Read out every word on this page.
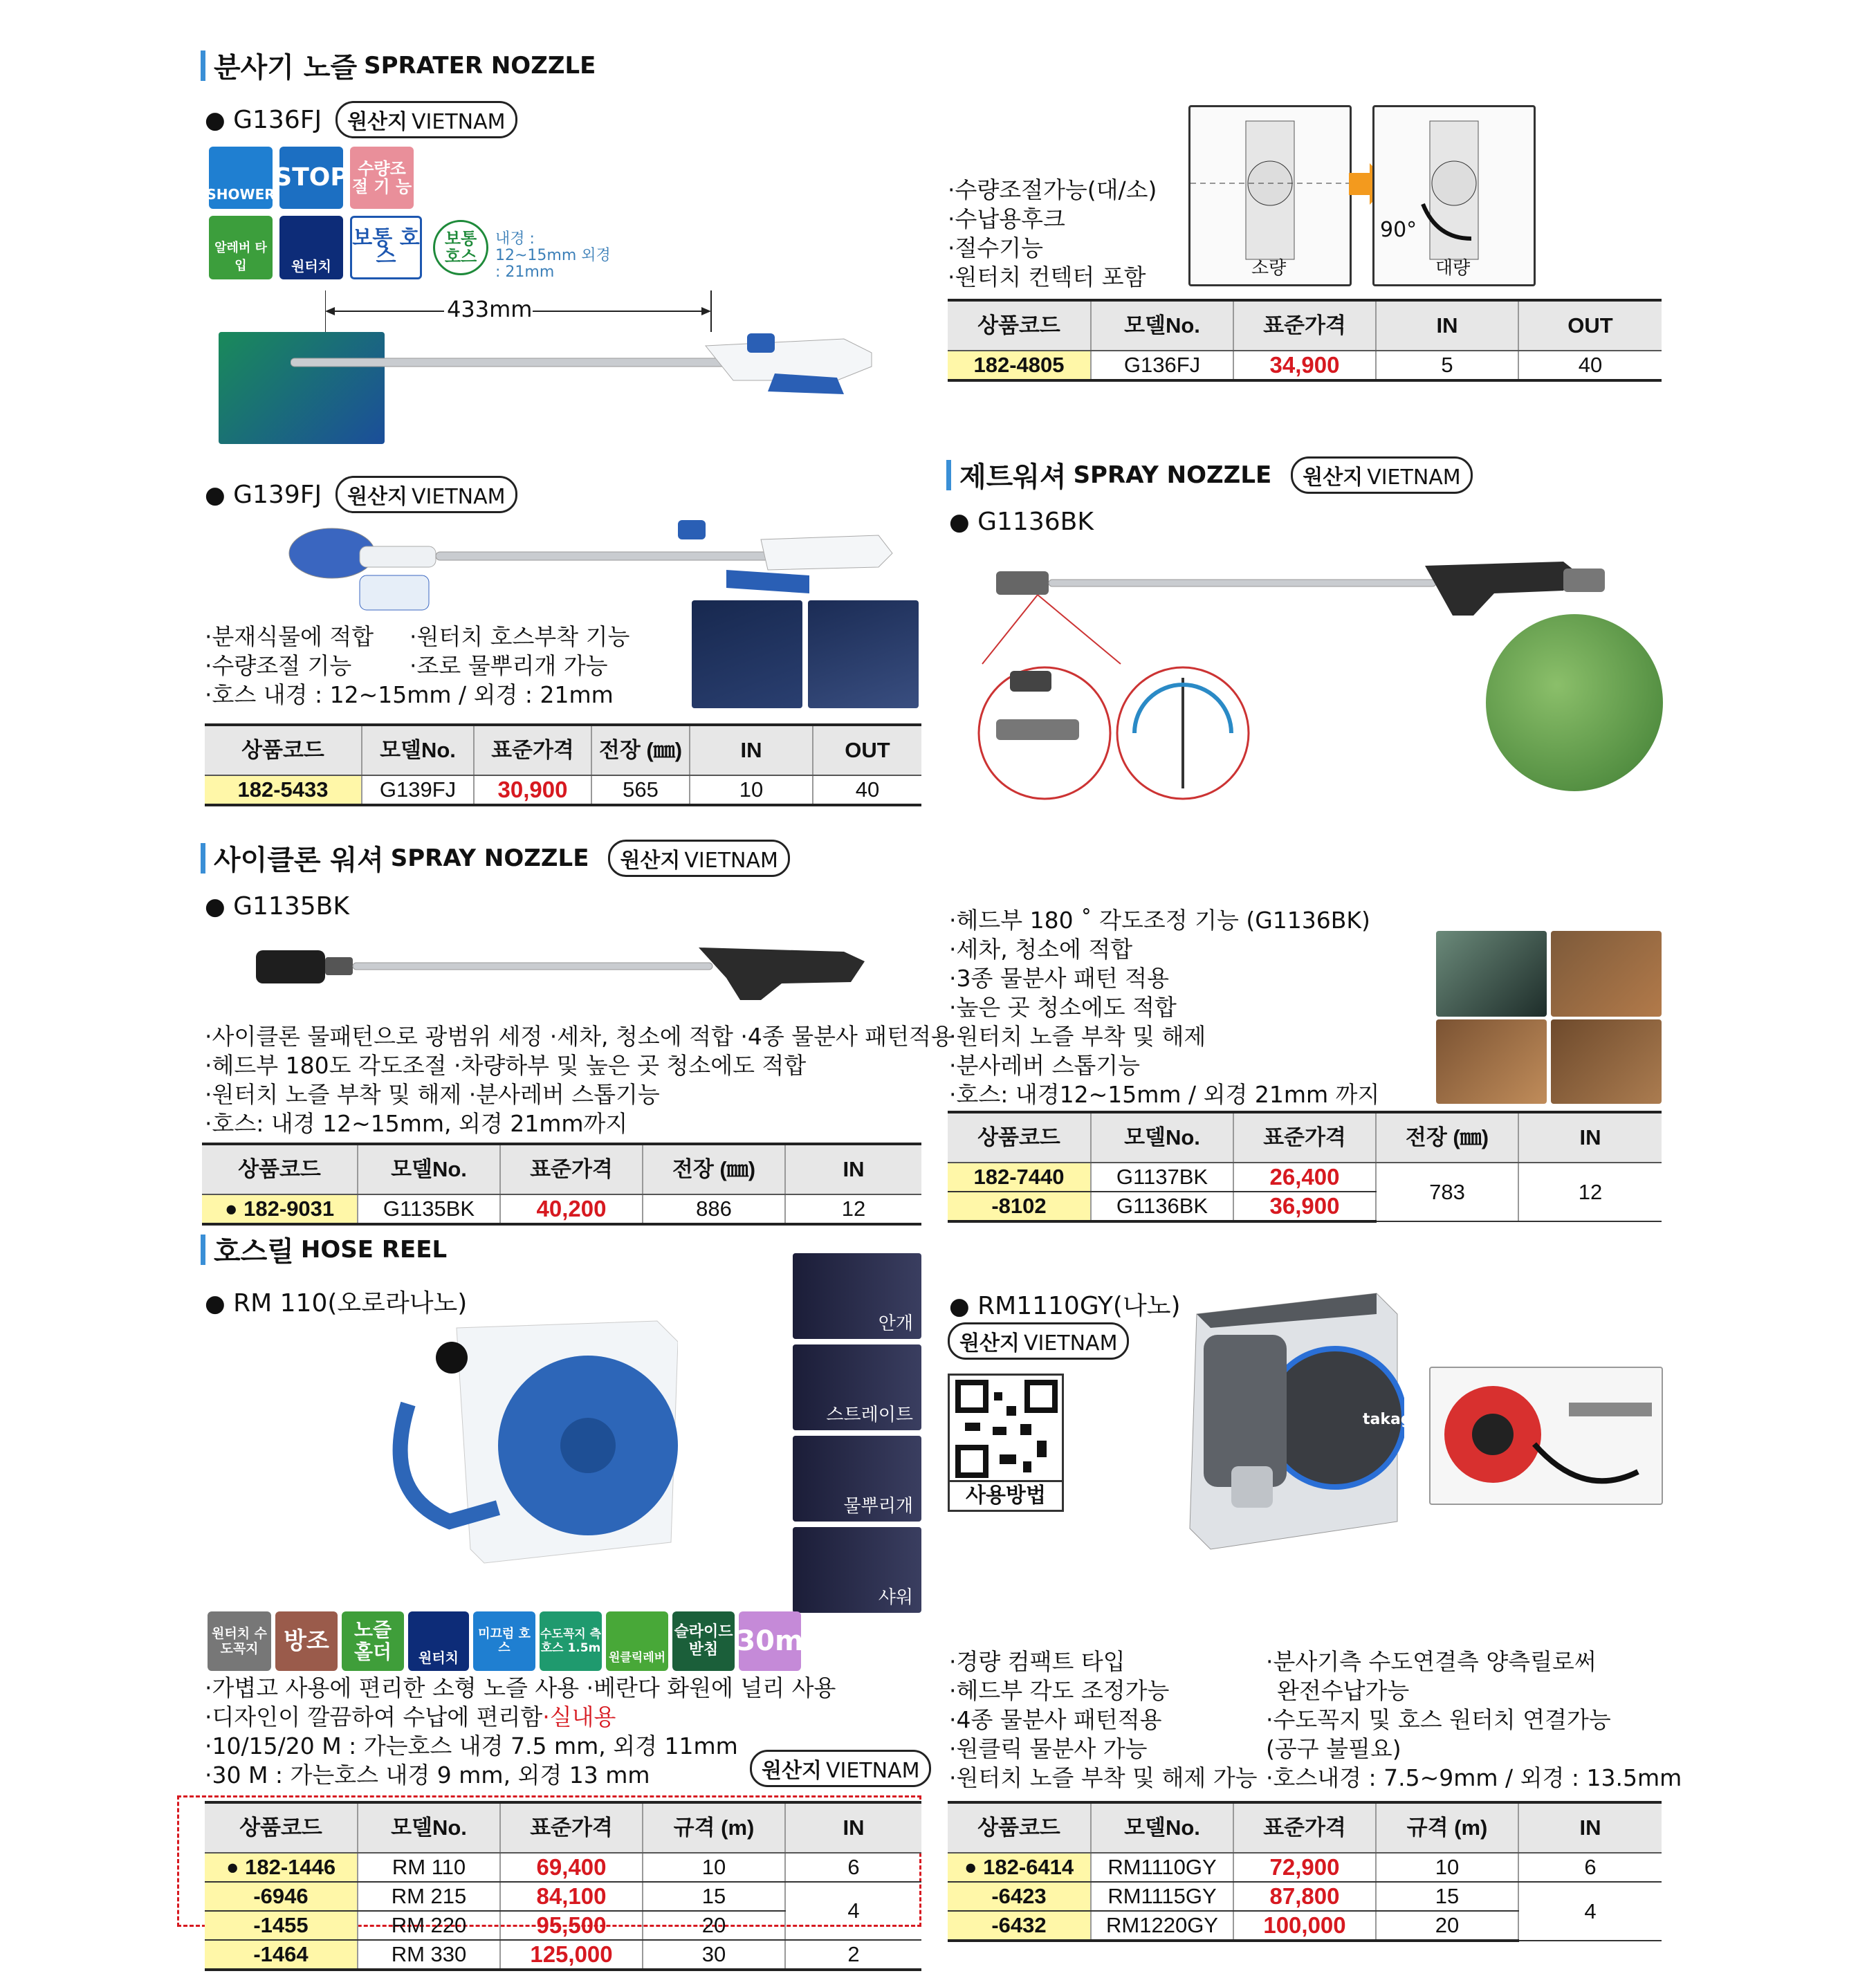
분사기 노즐 SPRATER NOZZLE
● G136FJ	원산지 VIETNAM
SHOWER
STOP 수량조절 기 능
알레버 타입	원터치
보통 호 스
보통 호스
내경 : 12~15mm 외경 : 21mm
433mm
소량
90°
대량
·수량조절가능(대/소)
·수납용후크
·절수기능
·원터치 컨텍터 포함
상품코드	모델No.	표준가격	IN	OUT
182-4805	G136FJ	34,900	5	40
● G139FJ	원산지 VIETNAM
·분재식물에 적합 ·원터치 호스부착 기능
·수량조절 기능	·조로 물뿌리개 가능
·호스 내경 : 12~15mm / 외경 : 21mm
상품코드	모델No.	표준가격	전장 (㎜)	IN	OUT
182-5433	G139FJ	30,900	565	10	40
제트워셔 SPRAY NOZZLE	원산지 VIETNAM
● G1136BK
·헤드부 180 ˚ 각도조정 기능 (G1136BK)
·세차, 청소에 적합
·3종 물분사 패턴 적용
·높은 곳 청소에도 적합
·원터치 노즐 부착 및 해제
·분사레버 스톱기능
·호스: 내경12~15mm / 외경 21mm 까지
상품코드	모델No.	표준가격	전장 (㎜)	IN
182-7440	G1137BK	26,400	783	12
-8102	G1136BK	36,900		
사이클론 워셔 SPRAY NOZZLE	원산지 VIETNAM
● G1135BK
·사이클론 물패턴으로 광범위 세정 ·세차, 청소에 적합 ·4종 물분사 패턴적용
·헤드부 180도 각도조절 ·차량하부 및 높은 곳 청소에도 적합
·원터치 노즐 부착 및 해제 ·분사레버 스톱기능
·호스: 내경 12~15mm, 외경 21mm까지
상품코드	모델No.	표준가격	전장 (㎜)	IN
● 182-9031	G1135BK	40,200	886	12
호스릴 HOSE REEL
● RM 110(오로라나노)
안개
스트레이트
물뿌리개
샤워
원터치 수도꼭지	방조	노즐 홀더	원터치
미끄럼 호스
수도꼭지 측 호스 1.5m
원클릭레버
슬라이드 받침 30m
·가볍고 사용에 편리한 소형 노즐 사용 ·베란다 화원에 널리 사용
·디자인이 깔끔하여 수납에 편리함·실내용
·10/15/20 M : 가는호스 내경 7.5 mm, 외경 11mm
·30 M : 가는호스 내경 9 mm, 외경 13 mm	원산지 VIETNAM
상품코드	모델No.	표준가격	규격 (m)	IN
● 182-1446	RM 110	69,400	10	6
-6946	RM 215	84,100	15	4
-1455	RM 220	95,500	20	
-1464	RM 330	125,000	30	2
● RM1110GY(나노)
원산지 VIETNAM
사용방법
takagi
·경량 컴팩트 타입
·헤드부 각도 조정가능
·4종 물분사 패턴적용
·원클릭 물분사 가능
·원터치 노즐 부착 및 해제 가능
·분사기측 수도연결측 양측릴로써
완전수납가능
·수도꼭지 및 호스 원터치 연결가능
(공구 불필요)
·호스내경 : 7.5~9mm / 외경 : 13.5mm
상품코드	모델No.	표준가격	규격 (m)	IN
● 182-6414	RM1110GY	72,900	10	6
-6423	RM1115GY	87,800	15	4
-6432	RM1220GY	100,000	20	
